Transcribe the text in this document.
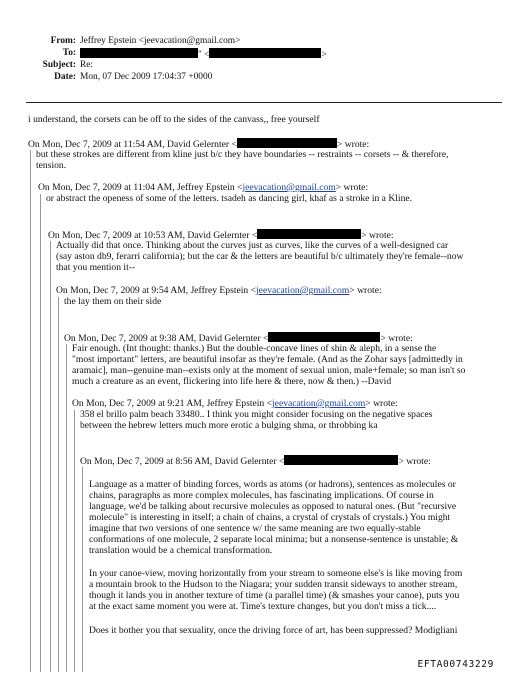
From: Jeffrey Epstein <jeevacation@gmail.com>
To:	" <	>
Subject: Re:
Date: Mon, 07 Dec 2009 17:04:37 +0000
i understand, the corsets can be off to the sides of the canvass,, free yourself
On Mon, Dec 7, 2009 at 11:54 AM, David Gelernter <	> wrote:
but these strokes are different from kline just b/c they have boundaries -- restraints -- corsets -- & therefore,
tension.
On Mon, Dec 7, 2009 at 11:04 AM, Jeffrey Epstein <jeevacation@gmail.com> wrote:
or abstract the openess of some of the letters. tsadeh as dancing girl, khaf as a stroke in a Kline.
On Mon, Dec 7, 2009 at 10:53 AM, David Gelernter <	> wrote:
Actually did that once. Thinking about the curves just as curves, like the curves of a well-designed car
(say aston db9, ferarri california); but the car & the letters are beautiful b/c ultimately they're female--now
that you mention it--
On Mon, Dec 7, 2009 at 9:54 AM, Jeffrey Epstein <jeevacation@gmail.com> wrote:
the lay them on their side
On Mon, Dec 7, 2009 at 9:38 AM, David Gelernter <	> wrote:
Fair enough. (Int thought: thanks.) But the double-concave lines of shin & aleph, in a sense the
"most important" letters, are beautiful insofar as they're female. (And as the Zohar says [admittedly in
aramaic], man--genuine man--exists only at the moment of sexual union, male+female; so man isn't so
much a creature as an event, flickering into life here & there, now & then.) --David
On Mon, Dec 7, 2009 at 9:21 AM, Jeffrey Epstein <jeevacation@gmail.com> wrote:
358 el brillo palm beach 33480.. I think you might consider focusing on the negative spaces
between the hebrew letters much more erotic a bulging shma, or throbbing ka
On Mon, Dec 7, 2009 at 8:56 AM, David Gelernter <	> wrote:
Language as a matter of binding forces, words as atoms (or hadrons), sentences as molecules or
chains, paragraphs as more complex molecules, has fascinating implications. Of course in
language, we'd be talking about recursive molecules as opposed to natural ones. (But "recursive
molecule" is interesting in itself; a chain of chains, a crystal of crystals of crystals.) You might
imagine that two versions of one sentence w/ the same meaning are two equally-stable
conformations of one molecule, 2 separate local minima; but a nonsense-sentence is unstable; &
translation would be a chemical transformation.
In your canoe-view, moving horizontally from your stream to someone else's is like moving from
a mountain brook to the Hudson to the Niagara; your sudden transit sideways to another stream,
though it lands you in another texture of time (a parallel time) (& smashes your canoe), puts you
at the exact same moment you were at. Time's texture changes, but you don't miss a tick....
Does it bother you that sexuality, once the driving force of art, has been suppressed? Modigliani
EFTA00743229
